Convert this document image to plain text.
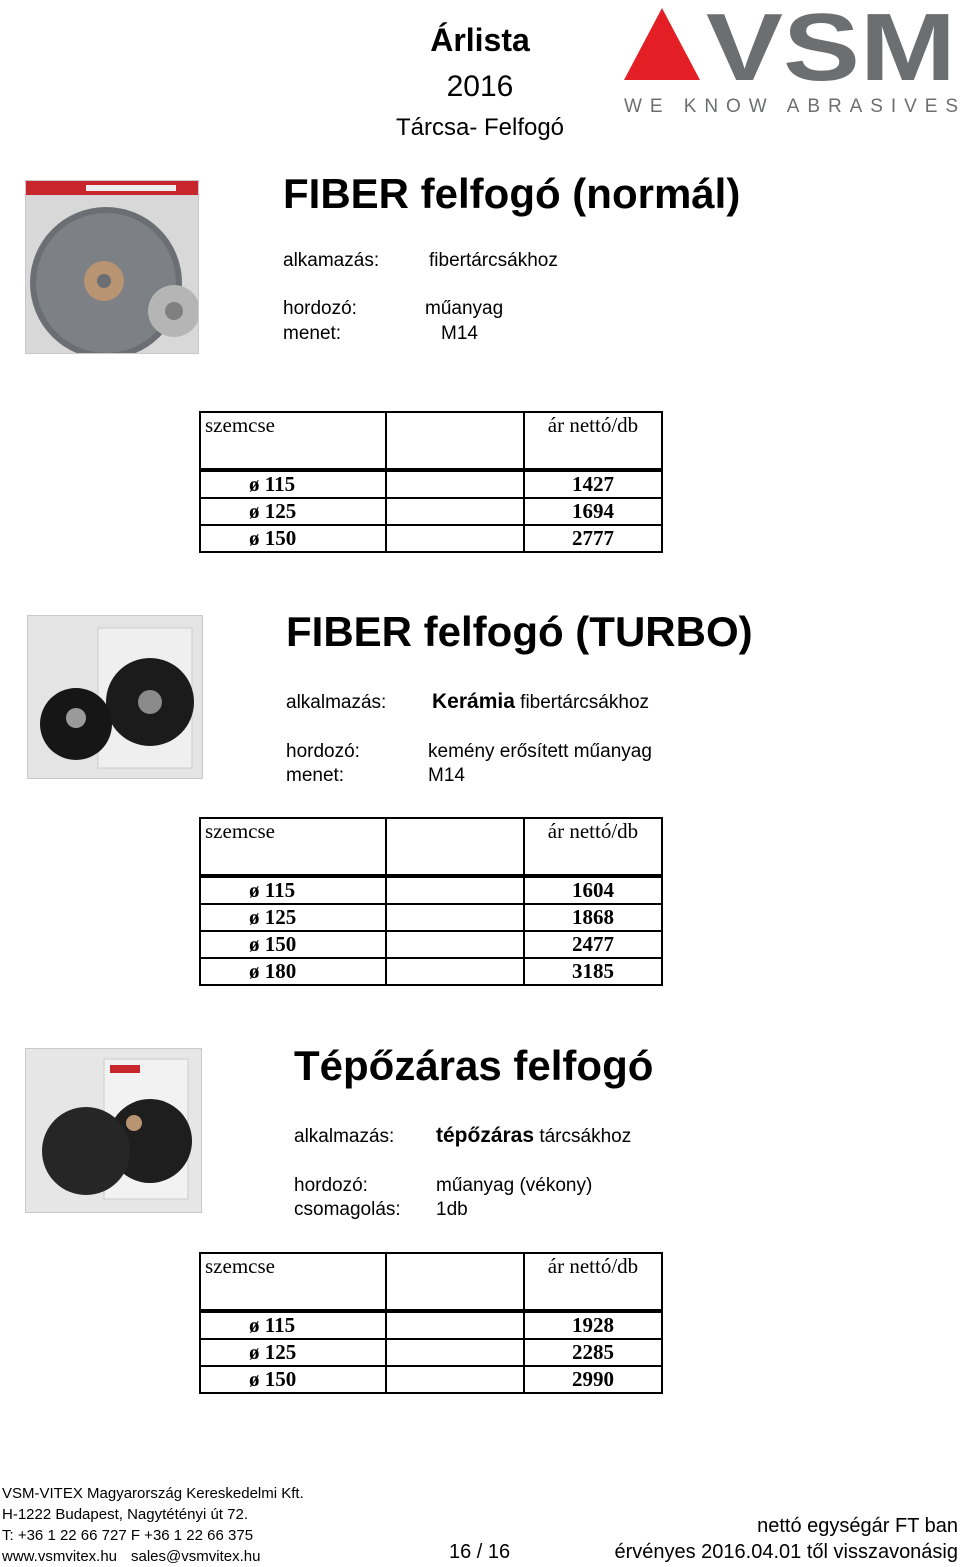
Árlista
2016
Tárcsa- Felfogó
VSM
WE KNOW ABRASIVES
FIBER felfogó (normál)
alkamazás:	fibertárcsákhoz
hordozó:	műanyag
menet:	M14
szemcse		ár nettó/db
ø 115		1427
ø 125		1694
ø 150		2777
FIBER felfogó (TURBO)
alkalmazás: Kerámia fibertárcsákhoz
hordozó:	kemény erősített műanyag
menet:	M14
szemcse		ár nettó/db
ø 115		1604
ø 125		1868
ø 150		2477
ø 180		3185
Tépőzáras felfogó
alkalmazás: tépőzáras tárcsákhoz
hordozó:	műanyag (vékony)
csomagolás: 1db
szemcse		ár nettó/db
ø 115		1928
ø 125		2285
ø 150		2990
VSM-VITEX Magyarország Kereskedelmi Kft.
H-1222 Budapest, Nagytétényi út 72.
T: +36 1 22 66 727 F +36 1 22 66 375
www.vsmvitex.hu sales@vsmvitex.hu	16 / 16
nettó egységár FT ban
érvényes 2016.04.01 től visszavonásig
